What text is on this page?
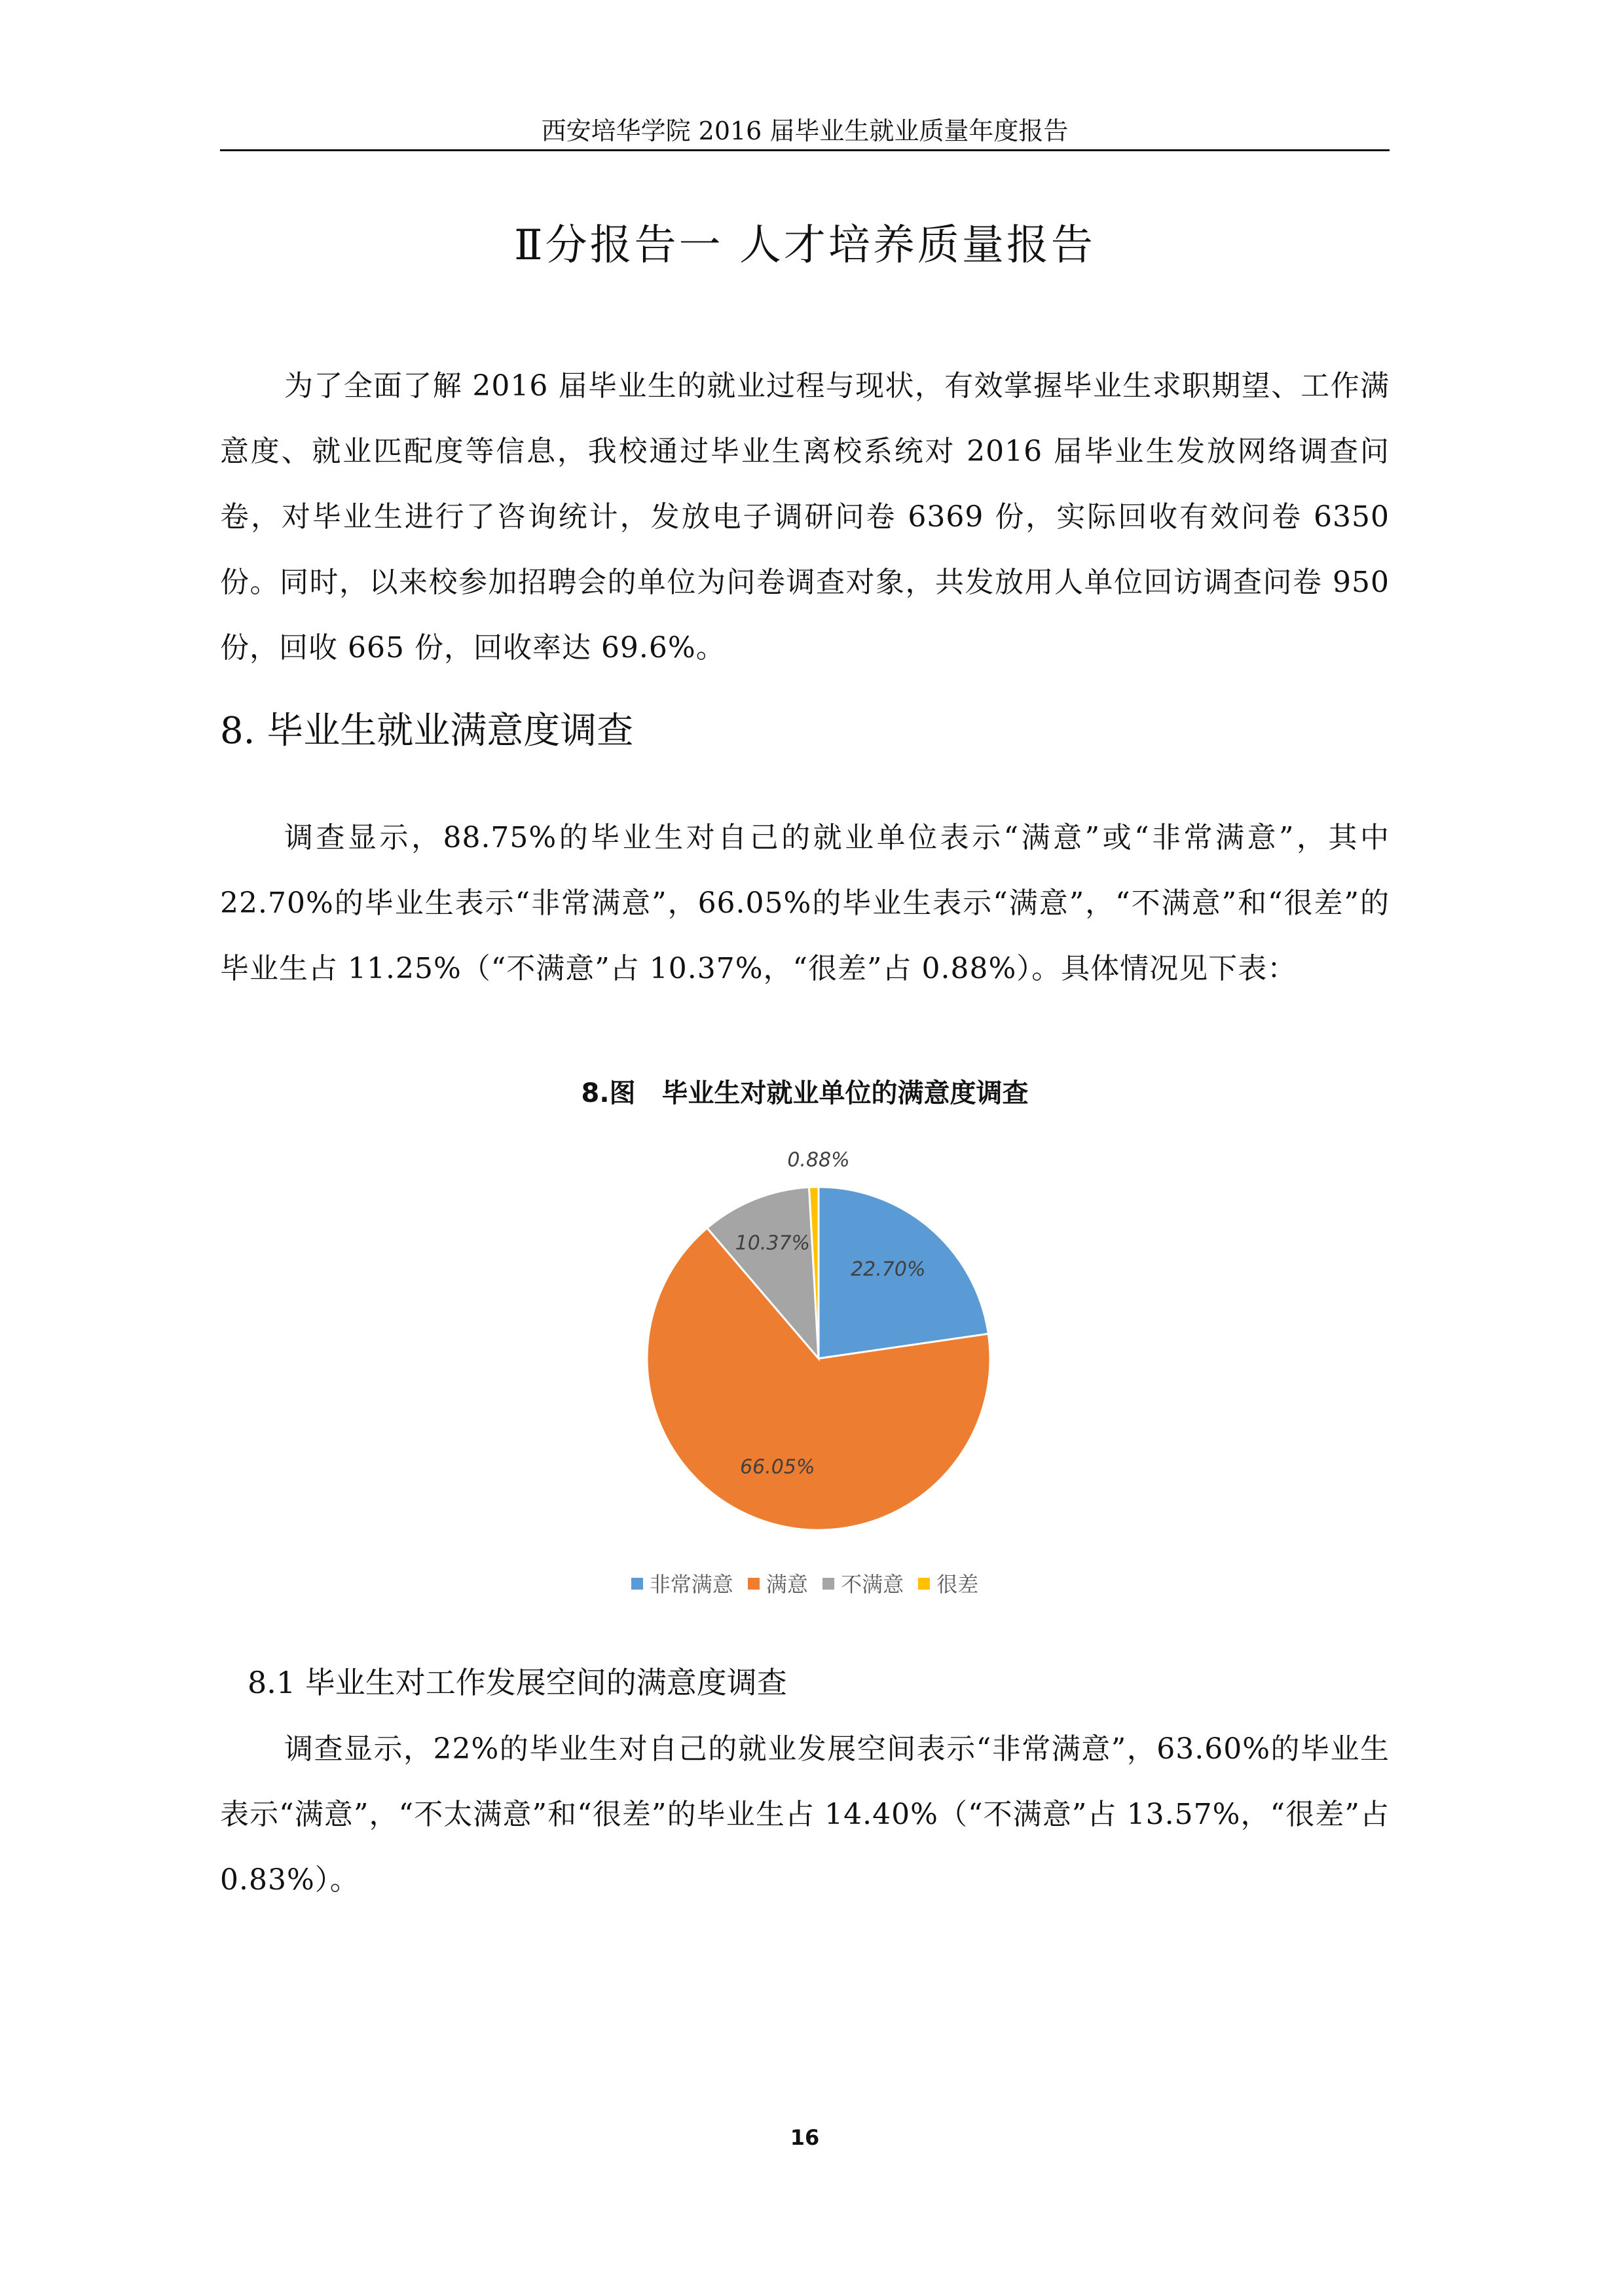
西安培华学院 2016 届毕业生就业质量年度报告
Ⅱ分报告一 人才培养质量报告

为了全面了解 2016 届毕业生的就业过程与现状，有效掌握毕业生求职期望、工作满意度、就业匹配度等信息，我校通过毕业生离校系统对 2016 届毕业生发放网络调查问卷，对毕业生进行了咨询统计，发放电子调研问卷 6369 份，实际回收有效问卷 6350 份。同时，以来校参加招聘会的单位为问卷调查对象，共发放用人单位回访调查问卷 950 份，回收 665 份，回收率达 69.6%。

8. 毕业生就业满意度调查

调查显示，88.75%的毕业生对自己的就业单位表示“满意”或“非常满意”，其中 22.70%的毕业生表示“非常满意”，66.05%的毕业生表示“满意”，“不满意”和“很差”的毕业生占 11.25%（“不满意”占 10.37%，“很差”占 0.88%）。具体情况见下表：

8.图　毕业生对就业单位的满意度调查
22.70%
66.05%
10.37%
0.88%
非常满意 满意 不满意 很差
8.1 毕业生对工作发展空间的满意度调查

调查显示，22%的毕业生对自己的就业发展空间表示“非常满意”，63.60%的毕业生表示“满意”，“不太满意”和“很差”的毕业生占 14.40%（“不满意”占 13.57%，“很差”占 0.83%）。

16
